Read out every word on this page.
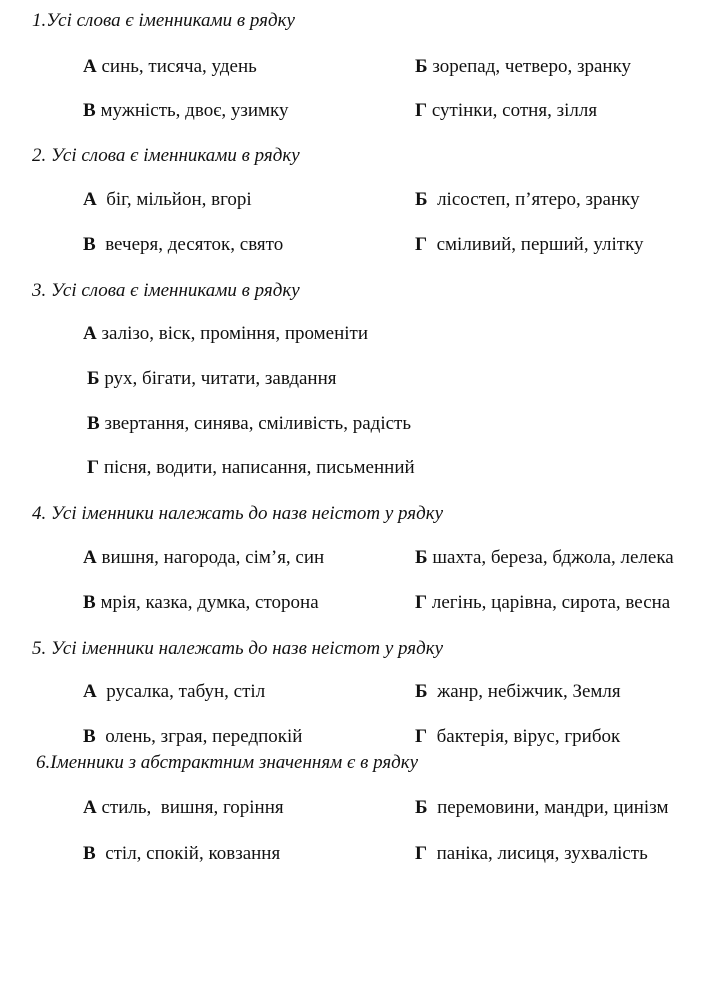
1.Усі слова є іменниками в рядку
А синь, тисяча, удень	Б зорепад, четверо, зранку
В мужність, двоє, узимку	Г сутінки, сотня, зілля
2. Усі слова є іменниками в рядку
А біг, мільйон, вгорі	Б лісостеп, п’ятеро, зранку
В вечеря, десяток, свято	Г сміливий, перший, улітку
3. Усі слова є іменниками в рядку
А залізо, віск, проміння, променіти
Б рух, бігати, читати, завдання
В звертання, синява, сміливість, радість
Г пісня, водити, написання, письменний
4. Усі іменники належать до назв неістот у рядку
А вишня, нагорода, сім’я, син	Б шахта, береза, бджола, лелека
В мрія, казка, думка, сторона	Г легінь, царівна, сирота, весна
5. Усі іменники належать до назв неістот у рядку
А русалка, табун, стіл	Б жанр, небіжчик, Земля
В олень, зграя, передпокій	Г бактерія, вірус, грибок
6.Іменники з абстрактним значенням є в рядку
А стиль,  вишня, горіння	Б перемовини, мандри, цинізм
В стіл, спокій, ковзання	Г паніка, лисиця, зухвалість
